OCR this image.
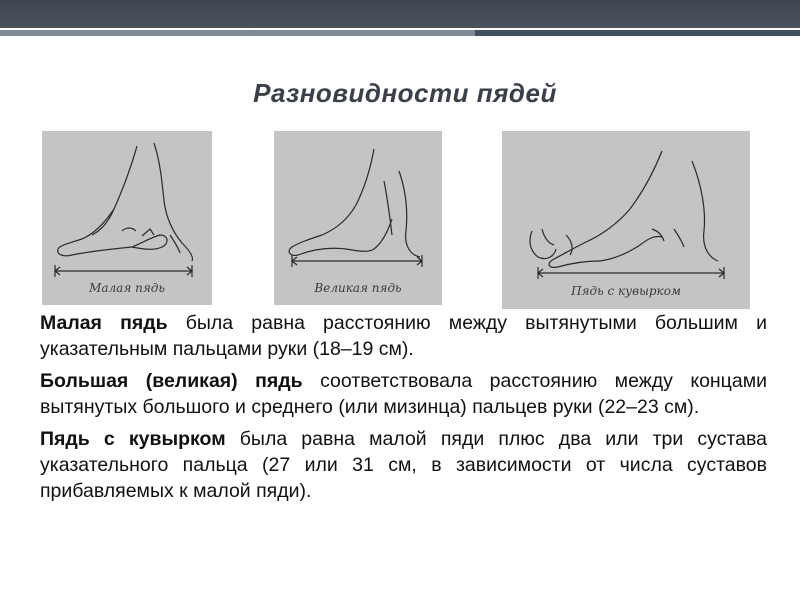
Разновидности пядей
Малая пядь	Великая пядь	Пядь с кувырком

Малая пядь была равна расстоянию между вытянутыми большим и указательным пальцами руки (18–19 см).

Большая (великая) пядь соответствовала расстоянию между концами вытянутых большого и среднего (или мизинца) пальцев руки (22–23 см).

Пядь с кувырком была равна малой пяди плюс два или три сустава указательного пальца (27 или 31 см, в зависимости от числа суставов прибавляемых к малой пяди).
